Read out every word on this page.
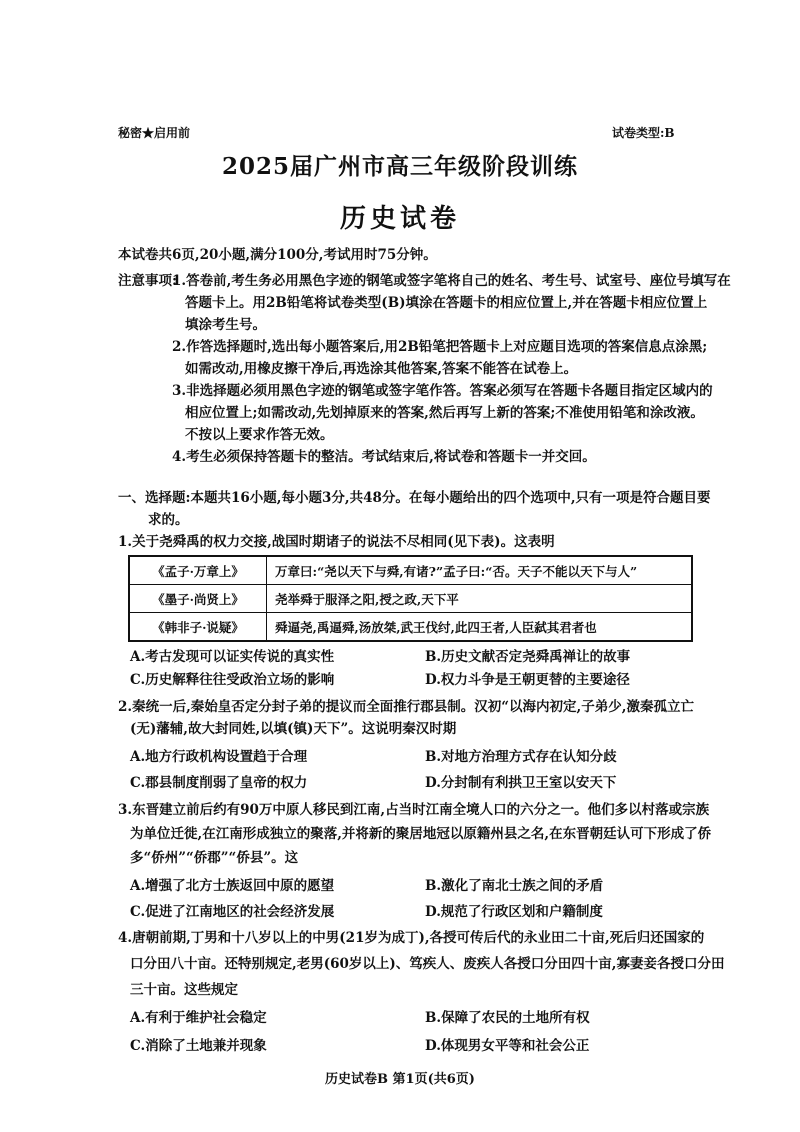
秘密★启用前	试卷类型:B
2025届广州市高三年级阶段训练
历史试卷
本试卷共6页,20小题,满分100分,考试用时75分钟。
注意事项:
1.答卷前,考生务必用黑色字迹的钢笔或签字笔将自己的姓名、考生号、试室号、座位号填写在
答题卡上。用2B铅笔将试卷类型(B)填涂在答题卡的相应位置上,并在答题卡相应位置上
填涂考生号。
2.作答选择题时,选出每小题答案后,用2B铅笔把答题卡上对应题目选项的答案信息点涂黑;
如需改动,用橡皮擦干净后,再选涂其他答案,答案不能答在试卷上。
3.非选择题必须用黑色字迹的钢笔或签字笔作答。答案必须写在答题卡各题目指定区域内的
相应位置上;如需改动,先划掉原来的答案,然后再写上新的答案;不准使用铅笔和涂改液。
不按以上要求作答无效。
4.考生必须保持答题卡的整洁。考试结束后,将试卷和答题卡一并交回。
一、选择题:本题共16小题,每小题3分,共48分。在每小题给出的四个选项中,只有一项是符合题目要
求的。
1.关于尧舜禹的权力交接,战国时期诸子的说法不尽相同(见下表)。这表明
《孟子·万章上》	万章曰:“尧以天下与舜,有诸?”孟子曰:“否。天子不能以天下与人”
《墨子·尚贤上》	尧举舜于服泽之阳,授之政,天下平
《韩非子·说疑》	舜逼尧,禹逼舜,汤放桀,武王伐纣,此四王者,人臣弑其君者也
A.考古发现可以证实传说的真实性	B.历史文献否定尧舜禹禅让的故事
C.历史解释往往受政治立场的影响	D.权力斗争是王朝更替的主要途径
2.秦统一后,秦始皇否定分封子弟的提议而全面推行郡县制。汉初“以海内初定,子弟少,激秦孤立亡
(无)藩辅,故大封同姓,以填(镇)天下”。这说明秦汉时期
A.地方行政机构设置趋于合理	B.对地方治理方式存在认知分歧
C.郡县制度削弱了皇帝的权力	D.分封制有利拱卫王室以安天下
3.东晋建立前后约有90万中原人移民到江南,占当时江南全境人口的六分之一。他们多以村落或宗族
为单位迁徙,在江南形成独立的聚落,并将新的聚居地冠以原籍州县之名,在东晋朝廷认可下形成了侨
多“侨州”“侨郡”“侨县”。这
A.增强了北方士族返回中原的愿望	B.激化了南北士族之间的矛盾
C.促进了江南地区的社会经济发展	D.规范了行政区划和户籍制度
4.唐朝前期,丁男和十八岁以上的中男(21岁为成丁),各授可传后代的永业田二十亩,死后归还国家的
口分田八十亩。还特别规定,老男(60岁以上)、笃疾人、废疾人各授口分田四十亩,寡妻妾各授口分田
三十亩。这些规定
A.有利于维护社会稳定	B.保障了农民的土地所有权
C.消除了土地兼并现象	D.体现男女平等和社会公正
历史试卷B 第1页(共6页)
